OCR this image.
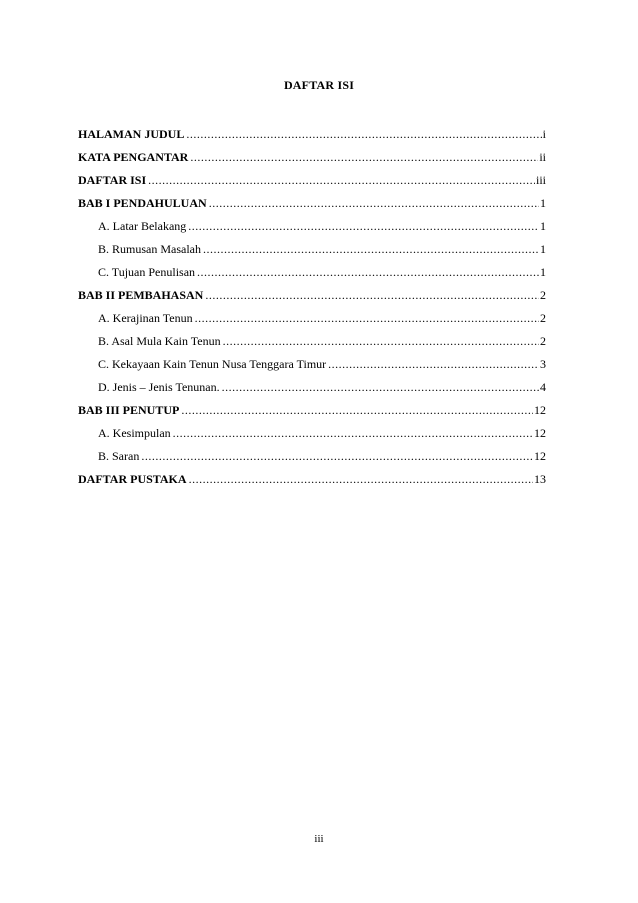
DAFTAR ISI
HALAMAN JUDUL .....	i
KATA PENGANTAR .....	ii
DAFTAR ISI .....	iii
BAB I PENDAHULUAN .....	1
A. Latar Belakang .....	1
B. Rumusan Masalah .....	1
C. Tujuan Penulisan .....	1
BAB II PEMBAHASAN .....	2
A. Kerajinan Tenun .....	2
B. Asal Mula Kain Tenun .....	2
C. Kekayaan Kain Tenun Nusa Tenggara Timur .....	3
D. Jenis – Jenis Tenunan. .....	4
BAB III PENUTUP .....	12
A. Kesimpulan .....	12
B. Saran .....	12
DAFTAR PUSTAKA .....	13
iii
